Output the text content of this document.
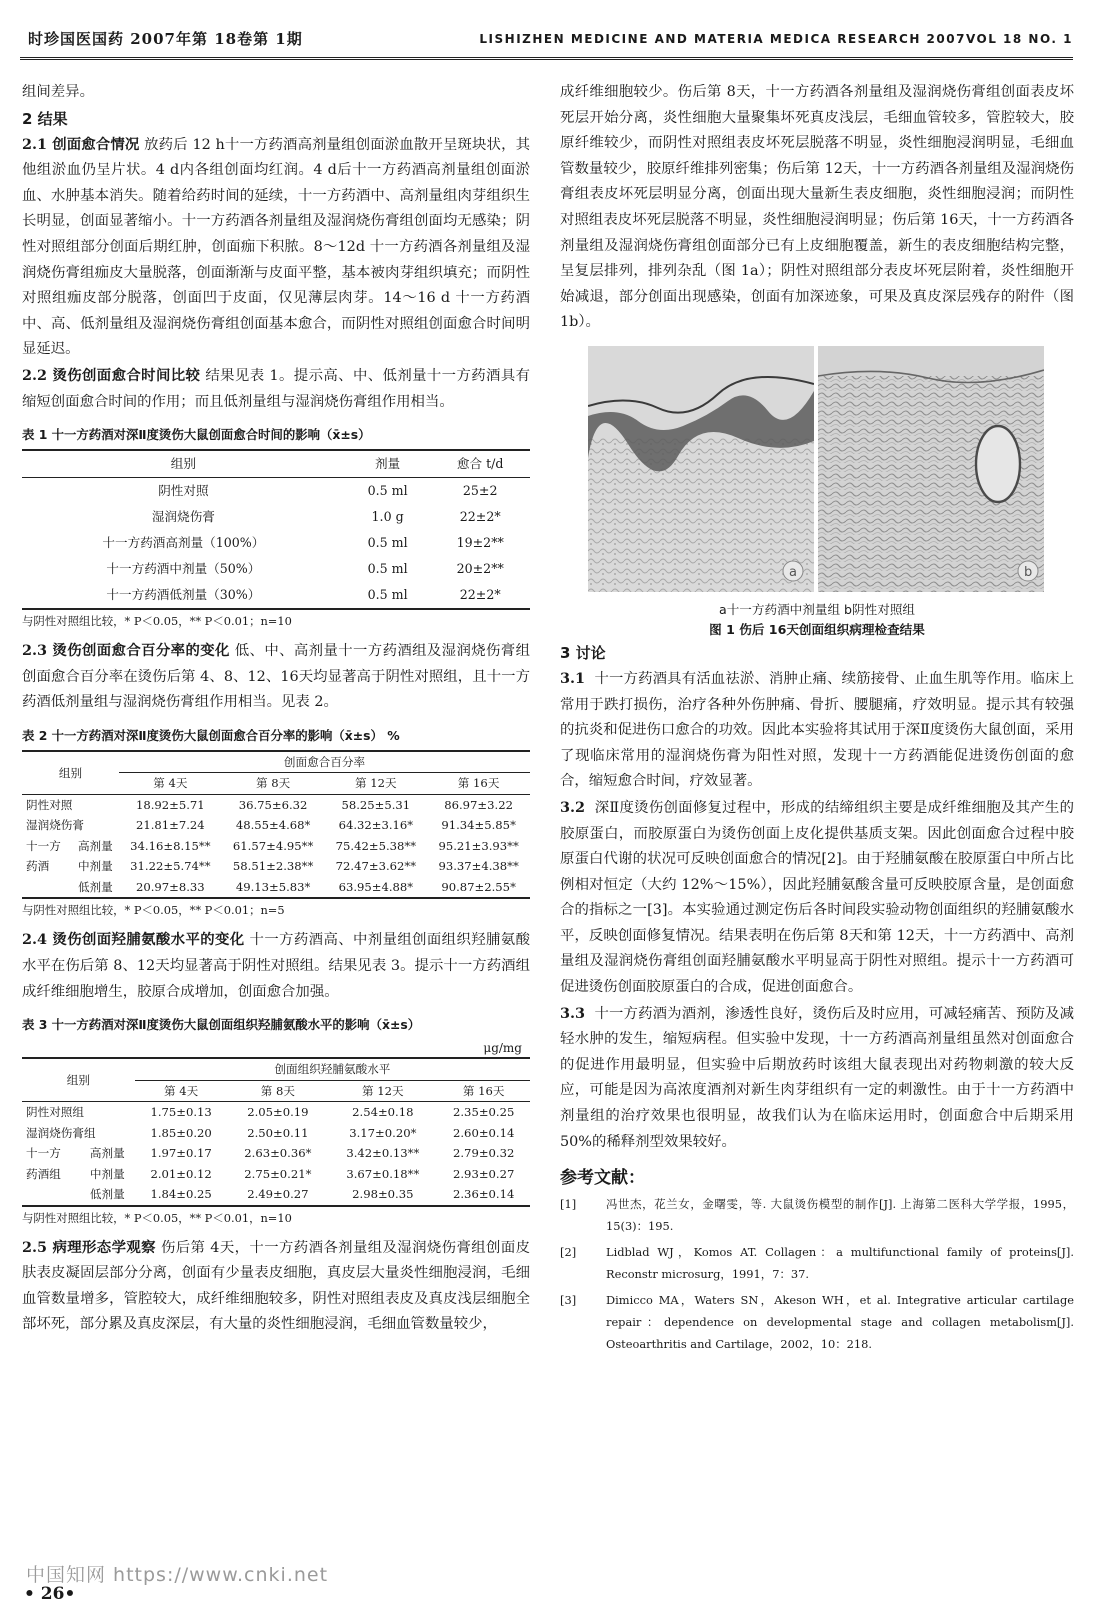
时珍国医国药 2007年第 18卷第 1期	LISHIZHEN MEDICINE AND MATERIA MEDICA RESEARCH 2007VOL 18 NO. 1

组间差异。

2 结果

2.1 创面愈合情况 放药后 12 h十一方药酒高剂量组创面淤血散开呈斑块状，其他组淤血仍呈片状。4 d内各组创面均红润。4 d后十一方药酒高剂量组创面淤血、水肿基本消失。随着给药时间的延续，十一方药酒中、高剂量组肉芽组织生长明显，创面显著缩小。十一方药酒各剂量组及湿润烧伤膏组创面均无感染；阴性对照组部分创面后期红肿，创面痂下积脓。8～12d 十一方药酒各剂量组及湿润烧伤膏组痂皮大量脱落，创面渐渐与皮面平整，基本被肉芽组织填充；而阴性对照组痂皮部分脱落，创面凹于皮面，仅见薄层肉芽。14～16 d 十一方药酒中、高、低剂量组及湿润烧伤膏组创面基本愈合，而阴性对照组创面愈合时间明显延迟。

2.2 烫伤创面愈合时间比较 结果见表 1。提示高、中、低剂量十一方药酒具有缩短创面愈合时间的作用；而且低剂量组与湿润烧伤膏组作用相当。

表 1 十一方药酒对深Ⅱ度烫伤大鼠创面愈合时间的影响（x̄±s）
组别	剂量	愈合 t/d
阴性对照	0.5 ml	25±2
湿润烧伤膏	1.0 g	22±2*
十一方药酒高剂量（100%）	0.5 ml	19±2**
十一方药酒中剂量（50%）	0.5 ml	20±2**
十一方药酒低剂量（30%）	0.5 ml	22±2*
与阴性对照组比较，* P＜0.05，** P＜0.01；n=10

2.3 烫伤创面愈合百分率的变化 低、中、高剂量十一方药酒组及湿润烧伤膏组创面愈合百分率在烫伤后第 4、8、12、16天均显著高于阴性对照组，且十一方药酒低剂量组与湿润烧伤膏组作用相当。见表 2。

表 2 十一方药酒对深Ⅱ度烫伤大鼠创面愈合百分率的影响（x̄±s） %
组别		创面愈合百分率			
		第 4天	第 8天	第 12天	第 16天
阴性对照		18.92±5.71	36.75±6.32	58.25±5.31	86.97±3.22
湿润烧伤膏		21.81±7.24	48.55±4.68*	64.32±3.16*	91.34±5.85*
十一方	高剂量	34.16±8.15**	61.57±4.95**	75.42±5.38**	95.21±3.93**
药酒	中剂量	31.22±5.74**	58.51±2.38**	72.47±3.62**	93.37±4.38**
	低剂量	20.97±8.33	49.13±5.83*	63.95±4.88*	90.87±2.55*
与阴性对照组比较，* P＜0.05，** P＜0.01；n=5

2.4 烫伤创面羟脯氨酸水平的变化 十一方药酒高、中剂量组创面组织羟脯氨酸水平在伤后第 8、12天均显著高于阴性对照组。结果见表 3。提示十一方药酒组成纤维细胞增生，胶原合成增加，创面愈合加强。

表 3 十一方药酒对深Ⅱ度烫伤大鼠创面组织羟脯氨酸水平的影响（x̄±s）
μg/mg
组别		创面组织羟脯氨酸水平			
		第 4天	第 8天	第 12天	第 16天
阴性对照组		1.75±0.13	2.05±0.19	2.54±0.18	2.35±0.25
湿润烧伤膏组		1.85±0.20	2.50±0.11	3.17±0.20*	2.60±0.14
十一方	高剂量	1.97±0.17	2.63±0.36*	3.42±0.13**	2.79±0.32
药酒组	中剂量	2.01±0.12	2.75±0.21*	3.67±0.18**	2.93±0.27
	低剂量	1.84±0.25	2.49±0.27	2.98±0.35	2.36±0.14
与阴性对照组比较，* P＜0.05，** P＜0.01，n=10

2.5 病理形态学观察 伤后第 4天，十一方药酒各剂量组及湿润烧伤膏组创面皮肤表皮凝固层部分分离，创面有少量表皮细胞，真皮层大量炎性细胞浸润，毛细血管数量增多，管腔较大，成纤维细胞较多，阴性对照组表皮及真皮浅层细胞全部坏死，部分累及真皮深层，有大量的炎性细胞浸润，毛细血管数量较少，

成纤维细胞较少。伤后第 8天，十一方药酒各剂量组及湿润烧伤膏组创面表皮坏死层开始分离，炎性细胞大量聚集坏死真皮浅层，毛细血管较多，管腔较大，胶原纤维较少，而阴性对照组表皮坏死层脱落不明显，炎性细胞浸润明显，毛细血管数量较少，胶原纤维排列密集；伤后第 12天，十一方药酒各剂量组及湿润烧伤膏组表皮坏死层明显分离，创面出现大量新生表皮细胞，炎性细胞浸润；而阴性对照组表皮坏死层脱落不明显，炎性细胞浸润明显；伤后第 16天，十一方药酒各剂量组及湿润烧伤膏组创面部分已有上皮细胞覆盖，新生的表皮细胞结构完整，呈复层排列，排列杂乱（图 1a）；阴性对照组部分表皮坏死层附着，炎性细胞开始减退，部分创面出现感染，创面有加深迹象，可果及真皮深层残存的附件（图 1b）。

a	b
a十一方药酒中剂量组 b阴性对照组
图 1 伤后 16天创面组织病理检查结果
3 讨论

3.1 十一方药酒具有活血祛淤、消肿止痛、续筋接骨、止血生肌等作用。临床上常用于跌打损伤，治疗各种外伤肿痛、骨折、腰腿痛，疗效明显。提示其有较强的抗炎和促进伤口愈合的功效。因此本实验将其试用于深Ⅱ度烫伤大鼠创面，采用了现临床常用的湿润烧伤膏为阳性对照，发现十一方药酒能促进烫伤创面的愈合，缩短愈合时间，疗效显著。

3.2 深Ⅱ度烫伤创面修复过程中，形成的结缔组织主要是成纤维细胞及其产生的胶原蛋白，而胶原蛋白为烫伤创面上皮化提供基质支架。因此创面愈合过程中胶原蛋白代谢的状况可反映创面愈合的情况[2]。由于羟脯氨酸在胶原蛋白中所占比例相对恒定（大约 12%～15%），因此羟脯氨酸含量可反映胶原含量，是创面愈合的指标之一[3]。本实验通过测定伤后各时间段实验动物创面组织的羟脯氨酸水平，反映创面修复情况。结果表明在伤后第 8天和第 12天，十一方药酒中、高剂量组及湿润烧伤膏组创面羟脯氨酸水平明显高于阴性对照组。提示十一方药酒可促进烫伤创面胶原蛋白的合成，促进创面愈合。

3.3 十一方药酒为酒剂，渗透性良好，烫伤后及时应用，可减轻痛苦、预防及减轻水肿的发生，缩短病程。但实验中发现，十一方药酒高剂量组虽然对创面愈合的促进作用最明显，但实验中后期放药时该组大鼠表现出对药物刺激的较大反应，可能是因为高浓度酒剂对新生肉芽组织有一定的刺激性。由于十一方药酒中剂量组的治疗效果也很明显，故我们认为在临床运用时，创面愈合中后期采用 50%的稀释剂型效果较好。

参考文献：
[1]	冯世杰，花兰女，金曙雯，等. 大鼠烫伤模型的制作[J]. 上海第二医科大学学报，1995，15(3)：195.
[2]	Lidblad WJ，Komos AT. Collagen：a multifunctional family of proteins[J]. Reconstr microsurg，1991，7：37.
[3]	Dimicco MA，Waters SN，Akeson WH，et al. Integrative articular cartilage repair：dependence on developmental stage and collagen metabolism[J]. Osteoarthritis and Cartilage，2002，10：218.
中国知网 https://www.cnki.net
• 26•
